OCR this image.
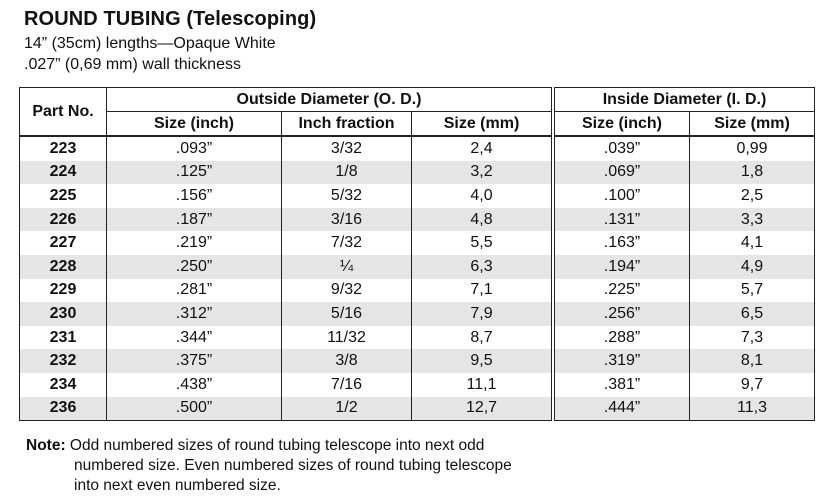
ROUND TUBING (Telescoping)
14” (35cm) lengths—Opaque White
.027” (0,69 mm) wall thickness
Part No.	Outside Diameter (O. D.)				Inside Diameter (I. D.)	
	Size (inch)	Inch fraction	Size (mm)		Size (inch)	Size (mm)
223	.093”	3/32	2,4		.039”	0,99
224	.125”	1/8	3,2		.069”	1,8
225	.156”	5/32	4,0		.100”	2,5
226	.187”	3/16	4,8		.131”	3,3
227	.219”	7/32	5,5		.163”	4,1
228	.250”	¼	6,3		.194”	4,9
229	.281”	9/32	7,1		.225”	5,7
230	.312”	5/16	7,9		.256”	6,5
231	.344”	11/32	8,7		.288”	7,3
232	.375”	3/8	9,5		.319”	8,1
234	.438”	7/16	11,1		.381”	9,7
236	.500”	1/2	12,7		.444”	11,3
Note: Odd numbered sizes of round tubing telescope into next odd
numbered size. Even numbered sizes of round tubing telescope
into next even numbered size.
